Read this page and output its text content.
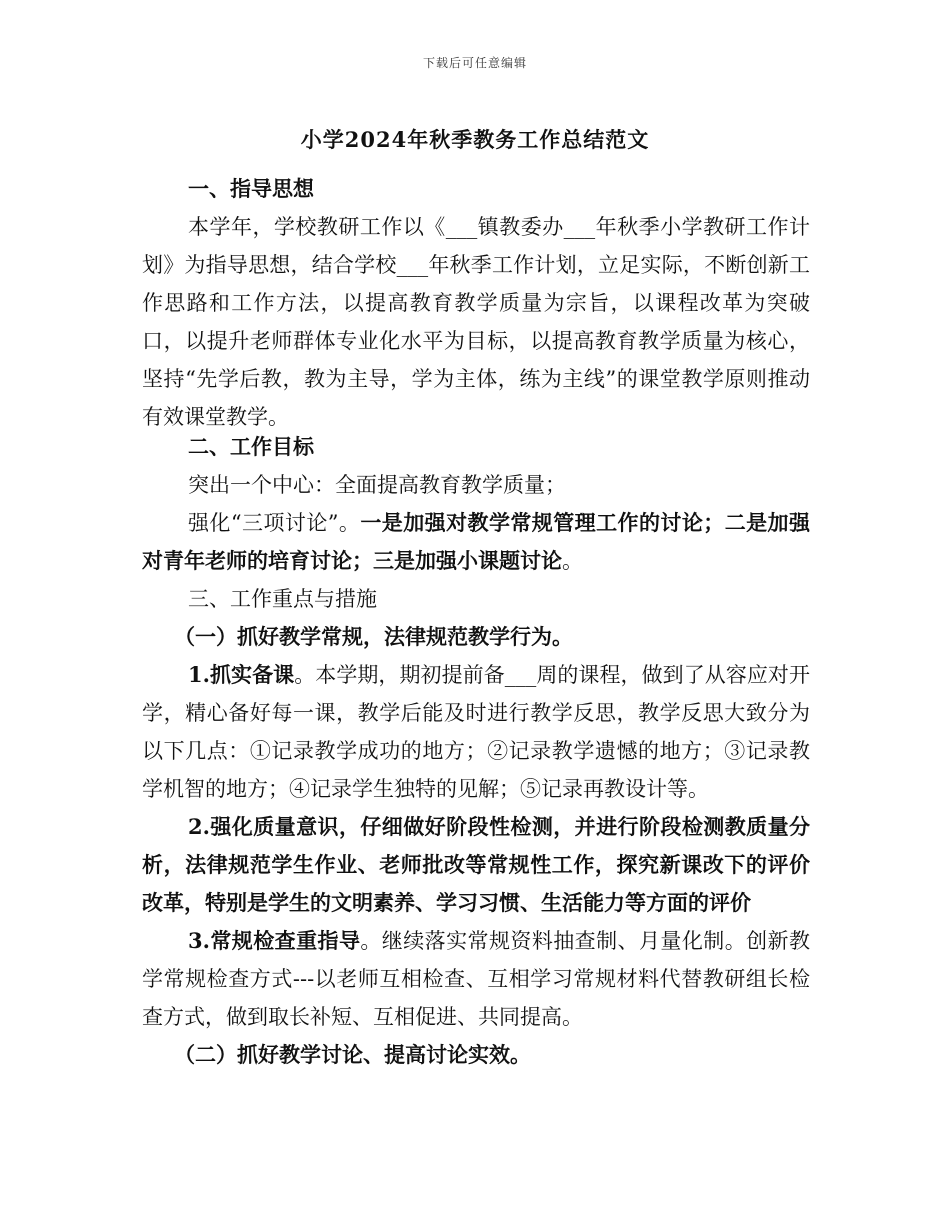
下载后可任意编辑
小学2024年秋季教务工作总结范文

一、指导思想

本学年，学校教研工作以《___镇教委办___年秋季小学教研工作计划》为指导思想，结合学校___年秋季工作计划，立足实际，不断创新工作思路和工作方法，以提高教育教学质量为宗旨，以课程改革为突破口，以提升老师群体专业化水平为目标，以提高教育教学质量为核心，坚持“先学后教，教为主导，学为主体，练为主线”的课堂教学原则推动有效课堂教学。

二、工作目标

突出一个中心：全面提高教育教学质量；

强化“三项讨论”。一是加强对教学常规管理工作的讨论；二是加强对青年老师的培育讨论；三是加强小课题讨论。

三、工作重点与措施

（一）抓好教学常规，法律规范教学行为。

1.抓实备课。本学期，期初提前备___周的课程，做到了从容应对开学，精心备好每一课，教学后能及时进行教学反思，教学反思大致分为以下几点：①记录教学成功的地方；②记录教学遗憾的地方；③记录教学机智的地方；④记录学生独特的见解；⑤记录再教设计等。

2.强化质量意识，仔细做好阶段性检测，并进行阶段检测教质量分析，法律规范学生作业、老师批改等常规性工作，探究新课改下的评价改革，特别是学生的文明素养、学习习惯、生活能力等方面的评价

3.常规检查重指导。继续落实常规资料抽查制、月量化制。创新教学常规检查方式---以老师互相检查、互相学习常规材料代替教研组长检查方式，做到取长补短、互相促进、共同提高。

（二）抓好教学讨论、提高讨论实效。
